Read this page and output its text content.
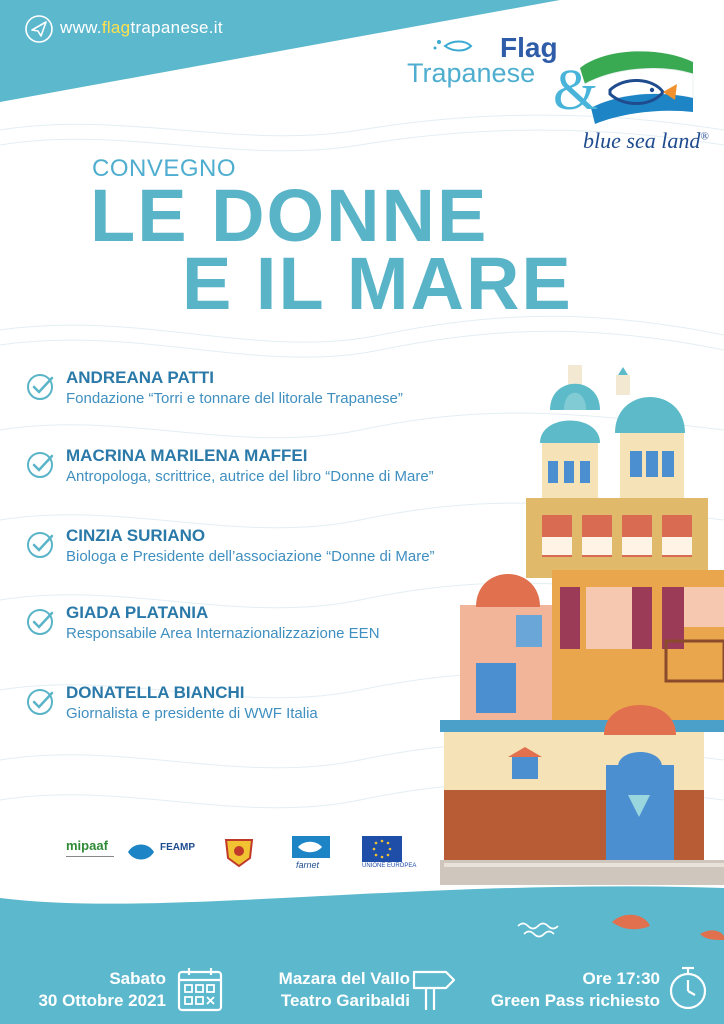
www.flagtrapanese.it
Flag
Trapanese &
blue sea land®
CONVEGNO
LE DONNE
E IL MARE
ANDREANA PATTI
Fondazione “Torri e tonnare del litorale Trapanese”
MACRINA MARILENA MAFFEI
Antropologa, scrittrice, autrice del libro “Donne di Mare”
CINZIA SURIANO
Biologa e Presidente dell’associazione “Donne di Mare”
GIADA PLATANIA
Responsabile Area Internazionalizzazione EEN
DONATELLA BIANCHI
Giornalista e presidente di WWF Italia
mipaaf	FEAMP
farnet	UNIONE EUROPEA
Sabato
30 Ottobre 2021
Mazara del Vallo
Teatro Garibaldi
Ore 17:30
Green Pass richiesto
